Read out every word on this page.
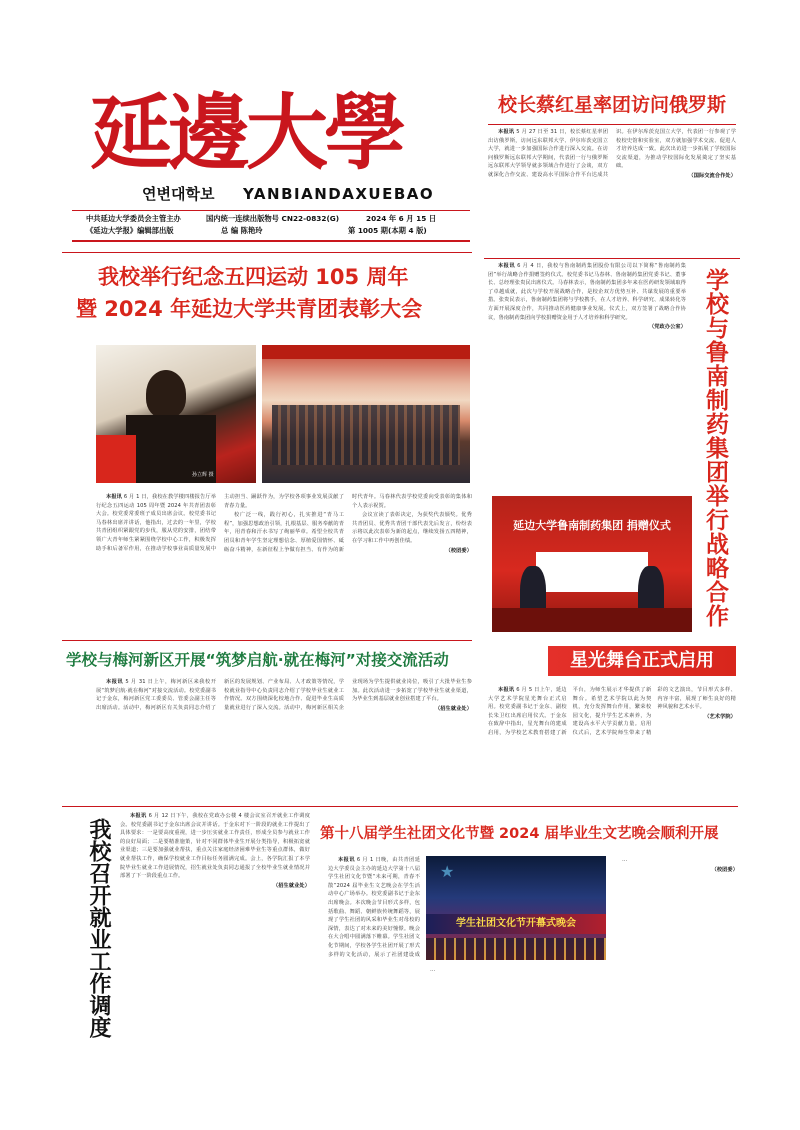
延邊大學
연변대학보	YANBIANDAXUEBAO
中共延边大学委员会主管主办
《延边大学报》编辑部出版
国内统一连续出版物号 CN22-0832(G)
总 编 陈艳玲
2024 年 6 月 15 日
第 1005 期(本期 4 版)
校长蔡红星率团访问俄罗斯

本报讯 5 月 27 日至 31 日，校长蔡红星率团出访俄罗斯，访问远东联邦大学、伊尔库茨克国立大学，就进一步加强国际合作进行深入交流。在访问俄罗斯远东联邦大学期间，代表团一行与俄罗斯远东联邦大学领导就多领域合作进行了会谈，双方就深化合作交流、建设高水平国际合作平台达成共识。在伊尔库茨克国立大学，代表团一行参观了学校校史馆和实验室，双方就加强学术交流、促进人才培养达成一致。此次出访进一步拓展了学校国际交流渠道，为推动学校国际化发展奠定了坚实基础。

（国际交流合作处）
我校举行纪念五四运动 105 周年
暨 2024 年延边大学共青团表彰大会
孙立辉 摄

本报讯 6 月 1 日，我校在教学楼四楼报告厅举行纪念五四运动 105 周年暨 2024 年共青团表彰大会。校党委常委班子成员出席会议。校党委书记马春林出席并讲话，他指出，过去的一年里，学校共青团组织紧跟党的步伐，服从党的安排，团结带领广大青年师生紧紧围绕学校中心工作，积极发挥助手和后备军作用，在推动学校事业高质量发展中主动担当、踊跃作为，为学校各项事业发展贡献了青春力量。

校广泛一线，践行初心，扎实推进“青马工程”，加强思想政治引领，扎根基层、服务奉献的青年，用青春和汗水书写了绚丽华章。希望全校共青团员和青年学生坚定理想信念、厚植爱国情怀、砥砺奋斗精神，在新征程上争做有担当、有作为的新时代青年。马春林代表学校党委向受表彰的集体和个人表示祝贺。

会议宣读了表彰决定，为获奖代表颁奖。优秀共青团员、优秀共青团干部代表先后发言，纷纷表示将以此次表彰为新的起点，继续发扬五四精神，在学习和工作中再创佳绩。

（校团委）

本报讯 6 月 4 日，我校与鲁南制药集团股份有限公司以下简称“鲁南制药集团”举行战略合作捐赠签约仪式。校党委书记马春林、鲁南制药集团党委书记、董事长、总经理张贵民出席仪式。马春林表示，鲁南制药集团多年来在医药研发领域取得了卓越成就，此次与学校开展战略合作，是校企双方优势互补、共谋发展的重要举措。张贵民表示，鲁南制药集团将与学校携手，在人才培养、科学研究、成果转化等方面开展深度合作，共同推动医药健康事业发展。仪式上，双方签署了战略合作协议，鲁南制药集团向学校捐赠资金用于人才培养和科学研究。

（党政办公室）
学校与鲁南制药集团举行战略合作
延边大学鲁南制药集团 捐赠仪式
学校与梅河新区开展“筑梦启航·就在梅河”对接交流活动

本报讯 5 月 31 日上午，梅河新区来我校开展“筑梦启航·就在梅河”对接交流活动。校党委副书记于金东，梅河新区党工委委员、管委会副主任等出席活动。活动中，梅河新区有关负责同志介绍了新区的发展规划、产业布局、人才政策等情况，学校就业指导中心负责同志介绍了学校毕业生就业工作情况。双方围绕深化校地合作、促进毕业生高质量就业进行了深入交流。活动中，梅河新区相关企业现场为学生提供就业岗位，吸引了大批毕业生参加。此次活动进一步拓宽了学校毕业生就业渠道，为毕业生到基层就业创业搭建了平台。

（招生就业处）
星光舞台正式启用

本报讯 6 月 5 日上午，延边大学艺术学院星光舞台正式启用。校党委副书记于金东、副校长朱卫红出席启用仪式。于金东在致辞中指出，星光舞台的建成启用，为学校艺术教育搭建了新平台，为师生展示才华提供了新舞台。希望艺术学院以此为契机，充分发挥舞台作用，繁荣校园文化，提升学生艺术素养，为建设高水平大学贡献力量。启用仪式后，艺术学院师生带来了精彩的文艺演出，节目形式多样、内容丰富，展现了师生良好的精神风貌和艺术水平。

（艺术学院）

本报讯 6 月 12 日下午，我校在党政办公楼 4 楼会议室召开就业工作调度会。校党委副书记于金东出席会议并讲话。于金东对下一阶段的就业工作提出了具体要求：一是要高度重视，进一步压实就业工作责任，形成全员参与就业工作的良好局面；二是要精准施策，针对不同群体毕业生开展分类指导，积极拓宽就业渠道；三是要加强就业帮扶，重点关注家庭经济困难毕业生等重点群体，做好就业帮扶工作，确保学校就业工作目标任务圆满完成。会上，各学院汇报了本学院毕业生就业工作进展情况，招生就业处负责同志通报了全校毕业生就业情况并部署了下一阶段重点工作。

（招生就业处）
我校召开就业工作调度
第十八届学生社团文化节暨 2024 届毕业生文艺晚会顺利开展

本报讯 6 月 1 日晚，由共青团延边大学委员会主办的延边大学第十八届学生社团文化节暨“未来可期，青春不散”2024 届毕业生文艺晚会在学生活动中心广场举办。校党委副书记于金东出席晚会。本次晚会节目形式多样，包括歌曲、舞蹈、朝鲜族传统舞蹈等，展现了学生社团的风采和毕业生对母校的深情，表达了对未来的美好憧憬。晚会在大合唱中圆满落下帷幕。学生社团文化节期间，学校各学生社团开展了形式多样的文化活动，展示了社团建设成

★
学生社团文化节开幕式晚会

…

（校团委）

…
